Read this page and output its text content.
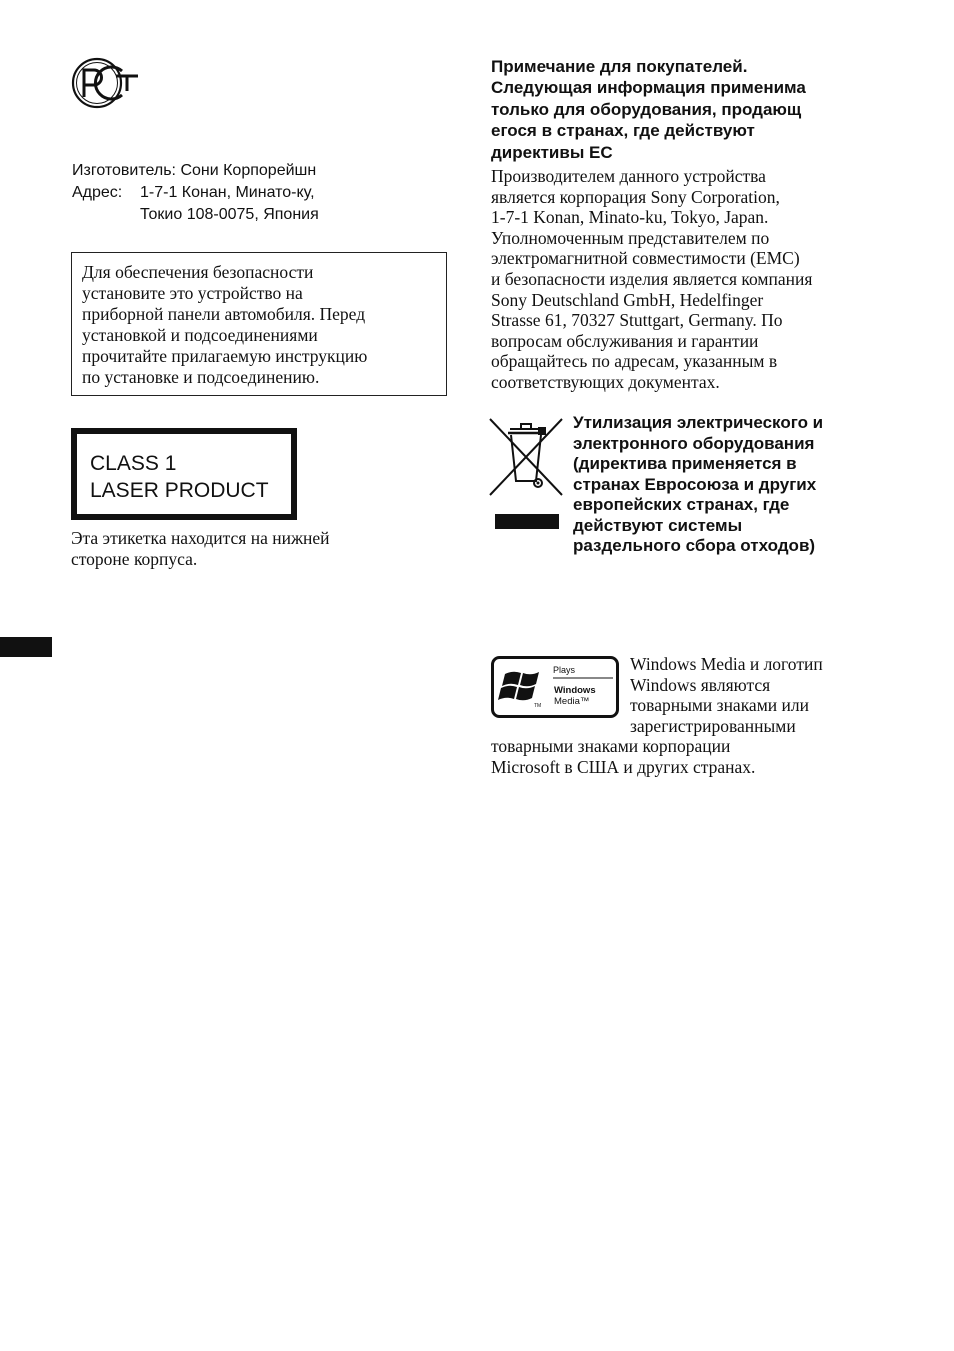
Изготовитель: Сони Корпорейшн
Адрес: 1-7-1 Конан, Минато-ку,
Токио 108-0075, Япония
Для обеспечения безопасности
установите это устройство на
приборной панели автомобиля. Перед
установкой и подсоединениями
прочитайте прилагаемую инструкцию
по установке и подсоединению.
CLASS 1
LASER PRODUCT
Эта этикетка находится на нижней
стороне корпуса.
Примечание для покупателей.
Следующая информация применима
только для оборудования, продающ
егося в странах, где действуют
директивы ЕС
Производителем данного устройства
является корпорация Sony Corporation,
1-7-1 Konan, Minato-ku, Tokyo, Japan.
Уполномоченным представителем по
электромагнитной совместимости (EMC)
и безопасности изделия является компания
Sony Deutschland GmbH, Hedelfinger
Strasse 61, 70327 Stuttgart, Germany. По
вопросам обслуживания и гарантии
обращайтесь по адресам, указанным в
соответствующих документах.
Утилизация электрического и
электронного оборудования
(директива применяется в
странах Евросоюза и других
европейских странах, где
действуют системы
раздельного сбора отходов)
TM
Plays
Windows
Media™
Windows Media и логотип
Windows являются
товарными знаками или
зарегистрированными
товарными знаками корпорации
Microsoft в США и других странах.
